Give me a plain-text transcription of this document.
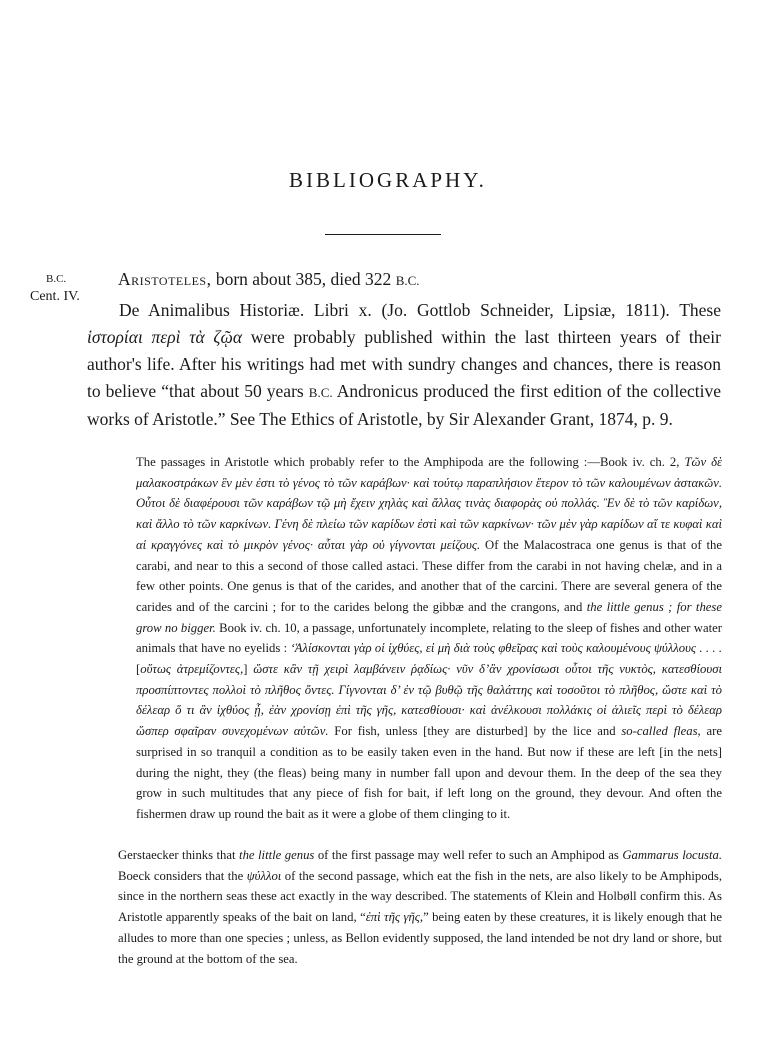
BIBLIOGRAPHY.
B.C.
Cent. IV.
Aristoteles, born about 385, died 322 B.C.

De Animalibus Historiæ. Libri x. (Jo. Gottlob Schneider, Lipsiæ, 1811). These ἱστορίαι περὶ τὰ ζῷα were probably published within the last thirteen years of their author's life. After his writings had met with sundry changes and chances, there is reason to believe “that about 50 years B.C. Andronicus produced the first edition of the collective works of Aristotle.” See The Ethics of Aristotle, by Sir Alexander Grant, 1874, p. 9.

The passages in Aristotle which probably refer to the Amphipoda are the following :—Book iv. ch. 2, Τῶν δὲ μαλακοστράκων ἓν μὲν ἐστι τὸ γένος τὸ τῶν καράβων· καὶ τούτῳ παραπλήσιον ἕτερον τὸ τῶν καλουμένων ἀστακῶν. Οὗτοι δὲ διαφέρουσι τῶν καράβων τῷ μὴ ἔχειν χηλὰς καὶ ἄλλας τινὰς διαφορὰς οὐ πολλάς. Ἓν δὲ τὸ τῶν καρίδων, καὶ ἄλλο τὸ τῶν καρκίνων. Γένη δὲ πλείω τῶν καρίδων ἐστὶ καὶ τῶν καρκίνων· τῶν μὲν γὰρ καρίδων αἵ τε κυφαὶ καὶ αἱ κραγγόνες καὶ τὸ μικρὸν γένος· αὗται γὰρ οὐ γίγνονται μείζους. Of the Malacostraca one genus is that of the carabi, and near to this a second of those called astaci. These differ from the carabi in not having chelæ, and in a few other points. One genus is that of the carides, and another that of the carcini. There are several genera of the carides and of the carcini ; for to the carides belong the gibbæ and the crangons, and the little genus ; for these grow no bigger. Book iv. ch. 10, a passage, unfortunately incomplete, relating to the sleep of fishes and other water animals that have no eyelids : ‘Ἁλίσκονται γὰρ οἱ ἰχθύες, εἰ μὴ διὰ τοὺς φθεῖρας καὶ τοὺς καλουμένους ψύλλους . . . . [οὕτως ἀτρεμίζοντες,] ὥστε κἂν τῇ χειρὶ λαμβάνειν ῥᾳδίως· νῦν δ’ἂν χρονίσωσι οὗτοι τῆς νυκτὸς, κατεσθίουσι προσπίπτοντες πολλοὶ τὸ πλῆθος ὄντες. Γίγνονται δ’ ἐν τῷ βυθῷ τῆς θαλάττης καὶ τοσοῦτοι τὸ πλῆθος, ὥστε καὶ τὸ δέλεαρ ὅ τι ἂν ἰχθύος ᾖ, ἐὰν χρονίσῃ ἐπὶ τῆς γῆς, κατεσθίουσι· καὶ ἀνέλκουσι πολλάκις οἱ ἁλιεῖς περὶ τὸ δέλεαρ ὥσπερ σφαῖραν συνεχομένων αὐτῶν. For fish, unless [they are disturbed] by the lice and so-called fleas, are surprised in so tranquil a condition as to be easily taken even in the hand. But now if these are left [in the nets] during the night, they (the fleas) being many in number fall upon and devour them. In the deep of the sea they grow in such multitudes that any piece of fish for bait, if left long on the ground, they devour. And often the fishermen draw up round the bait as it were a globe of them clinging to it.

Gerstaecker thinks that the little genus of the first passage may well refer to such an Amphipod as Gammarus locusta. Boeck considers that the ψύλλοι of the second passage, which eat the fish in the nets, are also likely to be Amphipods, since in the northern seas these act exactly in the way described. The statements of Klein and Holbøll confirm this. As Aristotle apparently speaks of the bait on land, “ἐπὶ τῆς γῆς,” being eaten by these creatures, it is likely enough that he alludes to more than one species ; unless, as Bellon evidently supposed, the land intended be not dry land or shore, but the ground at the bottom of the sea.
